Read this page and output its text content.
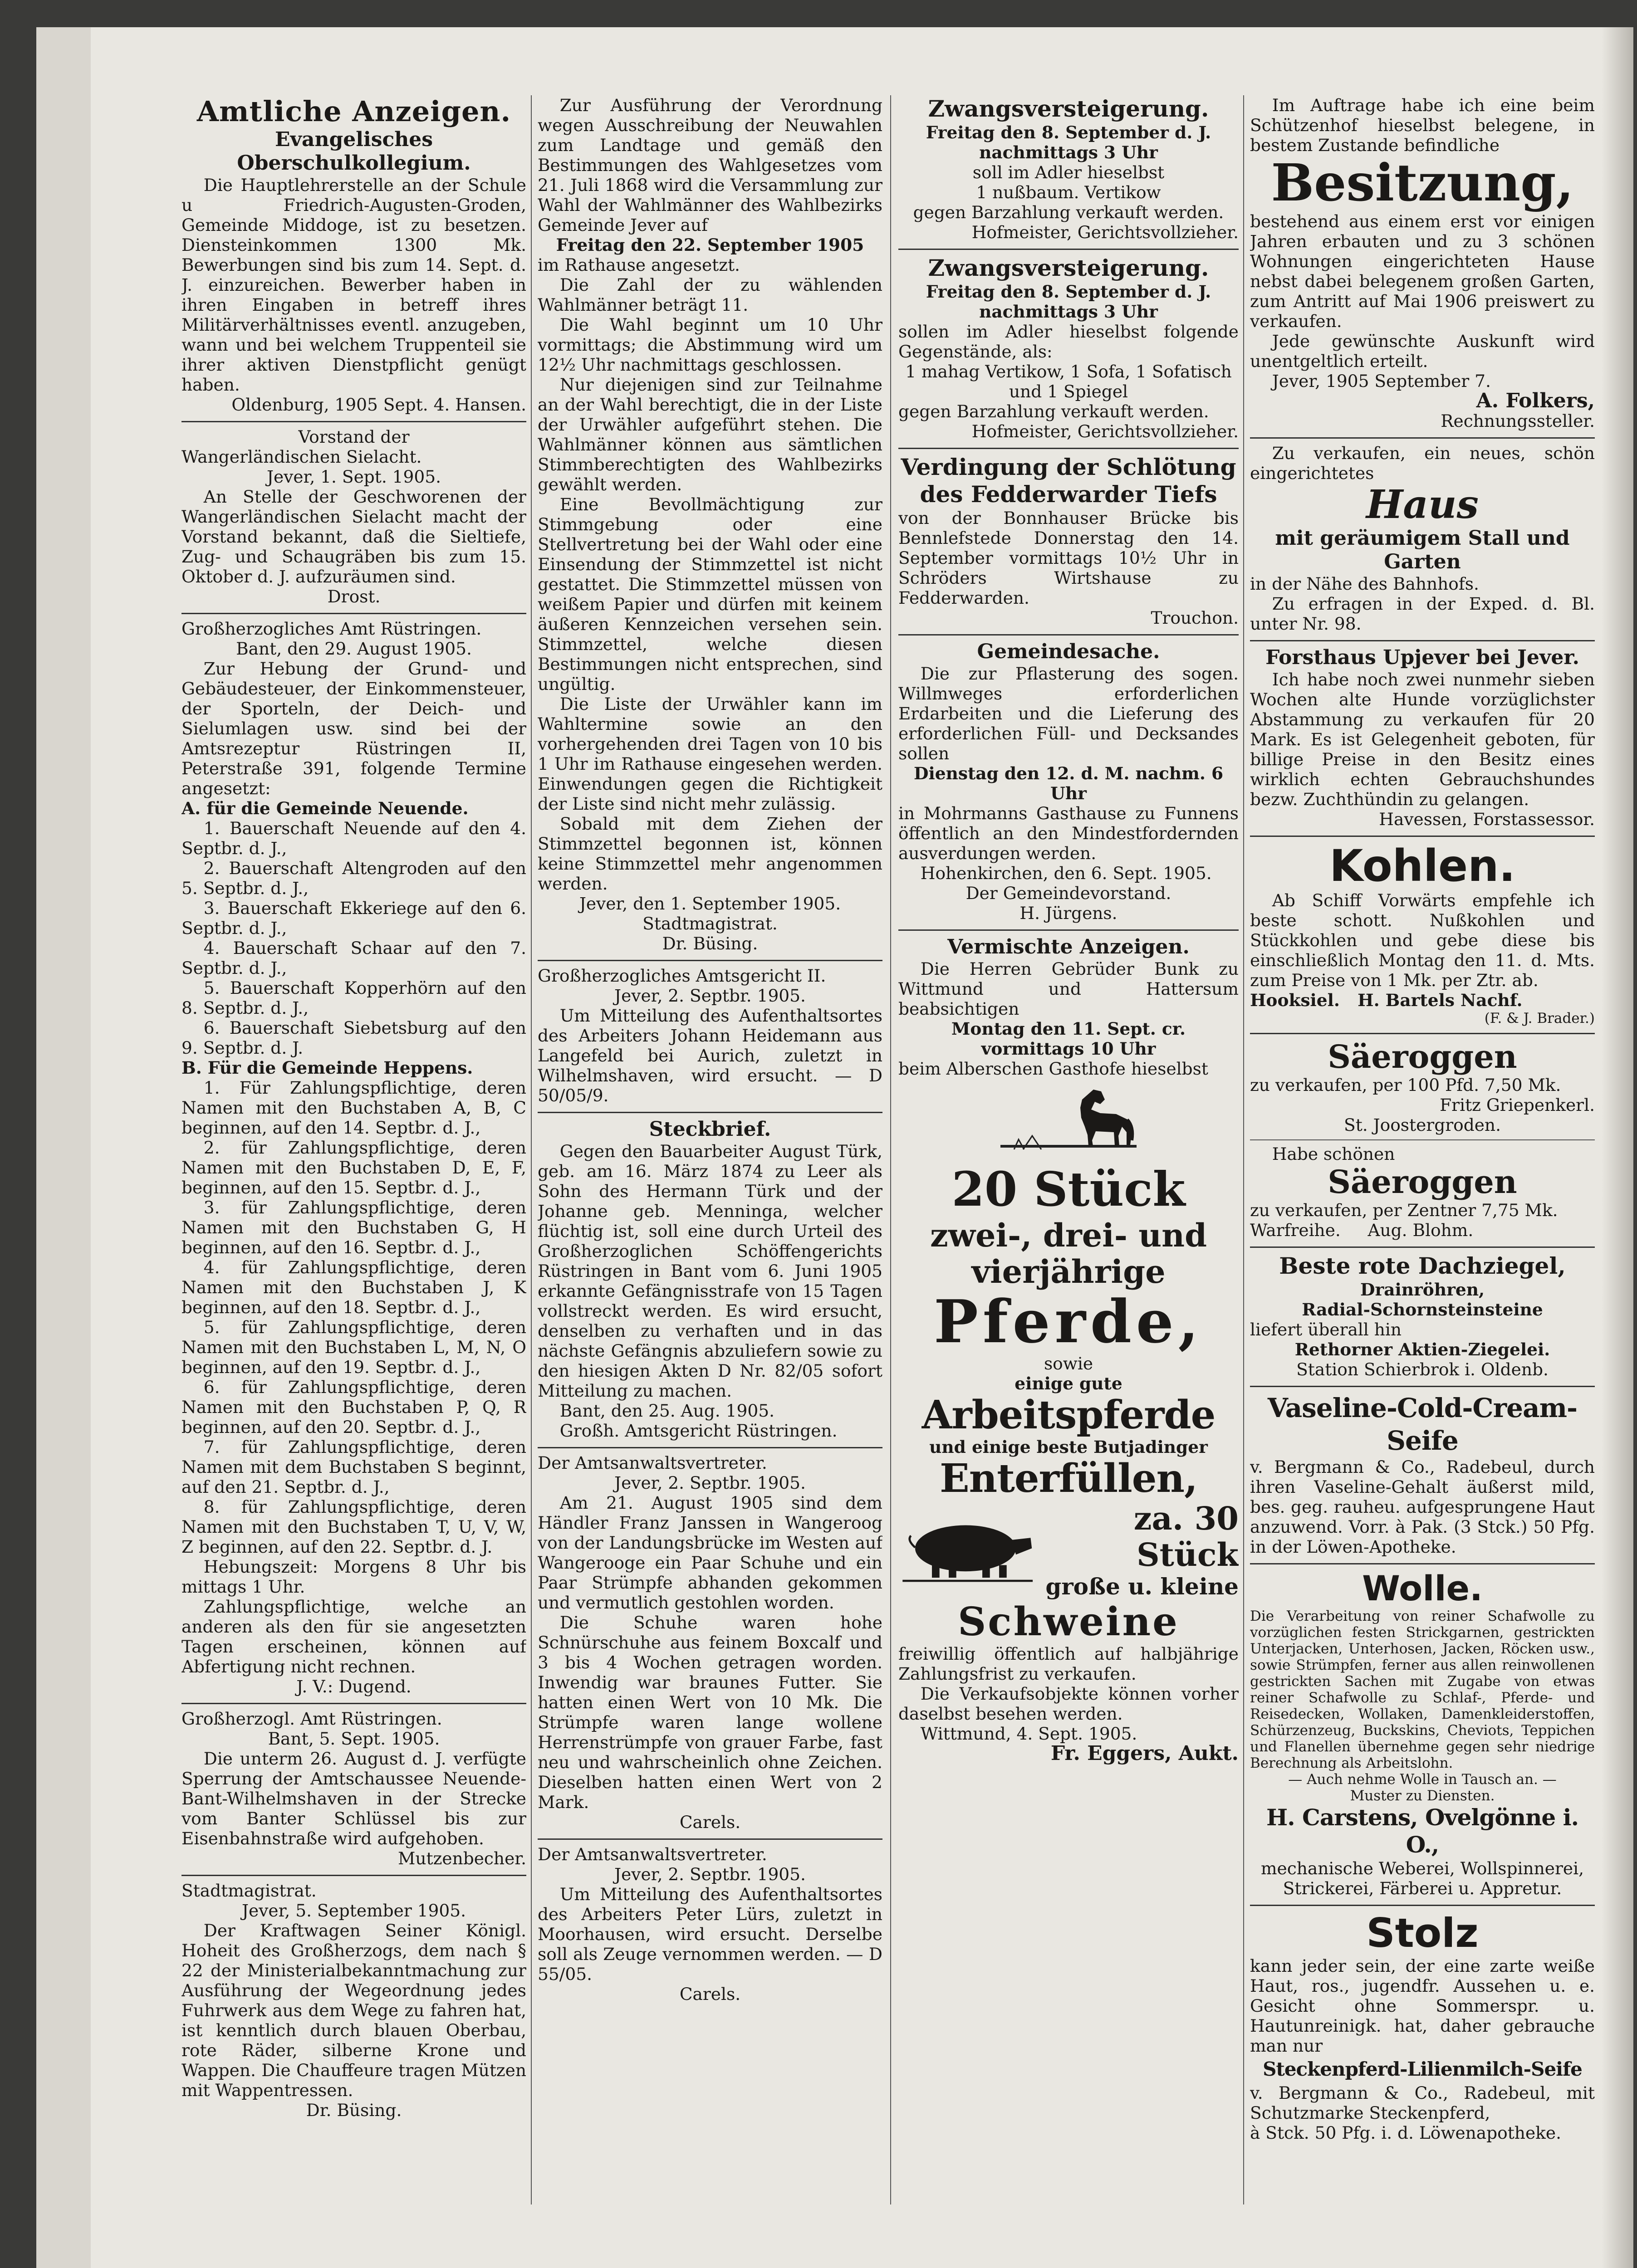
Amtliche Anzeigen.
Evangelisches Oberschulkollegium.

Die Hauptlehrerstelle an der Schule u Friedrich-Augusten-Groden, Gemeinde Middoge, ist zu besetzen. Diensteinkommen 1300 Mk. Bewerbungen sind bis zum 14. Sept. d. J. einzureichen. Bewerber haben in ihren Eingaben in betreff ihres Militärverhältnisses eventl. anzugeben, wann und bei welchem Truppenteil sie ihrer aktiven Dienstpflicht genügt haben.

Oldenburg, 1905 Sept. 4. Hansen.

Vorstand der

Wangerländischen Sielacht.

Jever, 1. Sept. 1905.

An Stelle der Geschworenen der Wangerländischen Sielacht macht der Vorstand bekannt, daß die Sieltiefe, Zug- und Schaugräben bis zum 15. Oktober d. J. aufzuräumen sind.

Drost.

Großherzogliches Amt Rüstringen.

Bant, den 29. August 1905.

Zur Hebung der Grund- und Gebäudesteuer, der Einkommensteuer, der Sporteln, der Deich- und Sielumlagen usw. sind bei der Amtsrezeptur Rüstringen II, Peterstraße 391, folgende Termine angesetzt:

A. für die Gemeinde Neuende.

1. Bauerschaft Neuende auf den 4. Septbr. d. J.,

2. Bauerschaft Altengroden auf den 5. Septbr. d. J.,

3. Bauerschaft Ekkeriege auf den 6. Septbr. d. J.,

4. Bauerschaft Schaar auf den 7. Septbr. d. J.,

5. Bauerschaft Kopperhörn auf den 8. Septbr. d. J.,

6. Bauerschaft Siebetsburg auf den 9. Septbr. d. J.

B. Für die Gemeinde Heppens.

1. Für Zahlungspflichtige, deren Namen mit den Buchstaben A, B, C beginnen, auf den 14. Septbr. d. J.,

2. für Zahlungspflichtige, deren Namen mit den Buchstaben D, E, F, beginnen, auf den 15. Septbr. d. J.,

3. für Zahlungspflichtige, deren Namen mit den Buchstaben G, H beginnen, auf den 16. Septbr. d. J.,

4. für Zahlungspflichtige, deren Namen mit den Buchstaben J, K beginnen, auf den 18. Septbr. d. J.,

5. für Zahlungspflichtige, deren Namen mit den Buchstaben L, M, N, O beginnen, auf den 19. Septbr. d. J.,

6. für Zahlungspflichtige, deren Namen mit den Buchstaben P, Q, R beginnen, auf den 20. Septbr. d. J.,

7. für Zahlungspflichtige, deren Namen mit dem Buchstaben S beginnt, auf den 21. Septbr. d. J.,

8. für Zahlungspflichtige, deren Namen mit den Buchstaben T, U, V, W, Z beginnen, auf den 22. Septbr. d. J.

Hebungszeit: Morgens 8 Uhr bis mittags 1 Uhr.

Zahlungspflichtige, welche an anderen als den für sie angesetzten Tagen erscheinen, können auf Abfertigung nicht rechnen.

J. V.: Dugend.

Großherzogl. Amt Rüstringen.

Bant, 5. Sept. 1905.

Die unterm 26. August d. J. verfügte Sperrung der Amtschaussee Neuende-Bant-Wilhelmshaven in der Strecke vom Banter Schlüssel bis zur Eisenbahnstraße wird aufgehoben.

Mutzenbecher.

Stadtmagistrat.

Jever, 5. September 1905.

Der Kraftwagen Seiner Königl. Hoheit des Großherzogs, dem nach § 22 der Ministerialbekanntmachung zur Ausführung der Wegeordnung jedes Fuhrwerk aus dem Wege zu fahren hat, ist kenntlich durch blauen Oberbau, rote Räder, silberne Krone und Wappen. Die Chauffeure tragen Mützen mit Wappentressen.

Dr. Büsing.

Zur Ausführung der Verordnung wegen Ausschreibung der Neuwahlen zum Landtage und gemäß den Bestimmungen des Wahlgesetzes vom 21. Juli 1868 wird die Versammlung zur Wahl der Wahlmänner des Wahlbezirks Gemeinde Jever auf

Freitag den 22. September 1905

im Rathause angesetzt.

Die Zahl der zu wählenden Wahlmänner beträgt 11.

Die Wahl beginnt um 10 Uhr vormittags; die Abstimmung wird um 12½ Uhr nachmittags geschlossen.

Nur diejenigen sind zur Teilnahme an der Wahl berechtigt, die in der Liste der Urwähler aufgeführt stehen. Die Wahlmänner können aus sämtlichen Stimmberechtigten des Wahlbezirks gewählt werden.

Eine Bevollmächtigung zur Stimmgebung oder eine Stellvertretung bei der Wahl oder eine Einsendung der Stimmzettel ist nicht gestattet. Die Stimmzettel müssen von weißem Papier und dürfen mit keinem äußeren Kennzeichen versehen sein. Stimmzettel, welche diesen Bestimmungen nicht entsprechen, sind ungültig.

Die Liste der Urwähler kann im Wahltermine sowie an den vorhergehenden drei Tagen von 10 bis 1 Uhr im Rathause eingesehen werden. Einwendungen gegen die Richtigkeit der Liste sind nicht mehr zulässig.

Sobald mit dem Ziehen der Stimmzettel begonnen ist, können keine Stimmzettel mehr angenommen werden.

Jever, den 1. September 1905.

Stadtmagistrat.

Dr. Büsing.

Großherzogliches Amtsgericht II.

Jever, 2. Septbr. 1905.

Um Mitteilung des Aufenthaltsortes des Arbeiters Johann Heidemann aus Langefeld bei Aurich, zuletzt in Wilhelmshaven, wird ersucht. — D 50/05/9.

Steckbrief.

Gegen den Bauarbeiter August Türk, geb. am 16. März 1874 zu Leer als Sohn des Hermann Türk und der Johanne geb. Menninga, welcher flüchtig ist, soll eine durch Urteil des Großherzoglichen Schöffengerichts Rüstringen in Bant vom 6. Juni 1905 erkannte Gefängnisstrafe von 15 Tagen vollstreckt werden. Es wird ersucht, denselben zu verhaften und in das nächste Gefängnis abzuliefern sowie zu den hiesigen Akten D Nr. 82/05 sofort Mitteilung zu machen.

Bant, den 25. Aug. 1905.

Großh. Amtsgericht Rüstringen.

Der Amtsanwaltsvertreter.

Jever, 2. Septbr. 1905.

Am 21. August 1905 sind dem Händler Franz Janssen in Wangeroog von der Landungsbrücke im Westen auf Wangerooge ein Paar Schuhe und ein Paar Strümpfe abhanden gekommen und vermutlich gestohlen worden.

Die Schuhe waren hohe Schnürschuhe aus feinem Boxcalf und 3 bis 4 Wochen getragen worden. Inwendig war braunes Futter. Sie hatten einen Wert von 10 Mk. Die Strümpfe waren lange wollene Herrenstrümpfe von grauer Farbe, fast neu und wahrscheinlich ohne Zeichen. Dieselben hatten einen Wert von 2 Mark.

Carels.

Der Amtsanwaltsvertreter.

Jever, 2. Septbr. 1905.

Um Mitteilung des Aufenthaltsortes des Arbeiters Peter Lürs, zuletzt in Moorhausen, wird ersucht. Derselbe soll als Zeuge vernommen werden. — D 55/05.

Carels.

Zwangsversteigerung.

Freitag den 8. September d. J. nachmittags 3 Uhr

soll im Adler hieselbst
1 nußbaum. Vertikow
gegen Barzahlung verkauft werden.

Hofmeister, Gerichtsvollzieher.

Zwangsversteigerung.

Freitag den 8. September d. J. nachmittags 3 Uhr

sollen im Adler hieselbst folgende Gegenstände, als:

1 mahag Vertikow, 1 Sofa, 1 Sofatisch und 1 Spiegel

gegen Barzahlung verkauft werden.

Hofmeister, Gerichtsvollzieher.

Verdingung der Schlötung des Fedderwarder Tiefs

von der Bonnhauser Brücke bis Bennlefstede Donnerstag den 14. September vormittags 10½ Uhr in Schröders Wirtshause zu Fedderwarden.

Trouchon.

Gemeindesache.

Die zur Pflasterung des sogen. Willmweges erforderlichen Erdarbeiten und die Lieferung des erforderlichen Füll- und Decksandes sollen

Dienstag den 12. d. M. nachm. 6 Uhr

in Mohrmanns Gasthause zu Funnens öffentlich an den Mindestfordernden ausverdungen werden.

Hohenkirchen, den 6. Sept. 1905.

Der Gemeindevorstand.

H. Jürgens.

Vermischte Anzeigen.

Die Herren Gebrüder Bunk zu Wittmund und Hattersum beabsichtigen

Montag den 11. Sept. cr. vormittags 10 Uhr

beim Alberschen Gasthofe hieselbst

20 Stück
zwei-, drei- und vierjährige
Pferde,

sowie

einige gute

Arbeitspferde

und einige beste Butjadinger

Enterfüllen,
za. 30 Stück
große u. kleine
Schweine

freiwillig öffentlich auf halbjährige Zahlungsfrist zu verkaufen.

Die Verkaufsobjekte können vorher daselbst besehen werden.

Wittmund, 4. Sept. 1905.

Fr. Eggers, Aukt.

Im Auftrage habe ich eine beim Schützenhof hieselbst belegene, in bestem Zustande befindliche

Besitzung,

bestehend aus einem erst vor einigen Jahren erbauten und zu 3 schönen Wohnungen eingerichteten Hause nebst dabei belegenem großen Garten, zum Antritt auf Mai 1906 preiswert zu verkaufen.

Jede gewünschte Auskunft wird unentgeltlich erteilt.

Jever, 1905 September 7.

A. Folkers,

Rechnungssteller.

Zu verkaufen, ein neues, schön eingerichtetes

Haus
mit geräumigem Stall und Garten

in der Nähe des Bahnhofs.

Zu erfragen in der Exped. d. Bl. unter Nr. 98.

Forsthaus Upjever bei Jever.

Ich habe noch zwei nunmehr sieben Wochen alte Hunde vorzüglichster Abstammung zu verkaufen für 20 Mark. Es ist Gelegenheit geboten, für billige Preise in den Besitz eines wirklich echten Gebrauchshundes bezw. Zuchthündin zu gelangen.

Havessen, Forstassessor.

Kohlen.

Ab Schiff Vorwärts empfehle ich beste schott. Nußkohlen und Stückkohlen und gebe diese bis einschließlich Montag den 11. d. Mts. zum Preise von 1 Mk. per Ztr. ab.

Hooksiel. H. Bartels Nachf.

(F. & J. Brader.)

Säeroggen

zu verkaufen, per 100 Pfd. 7,50 Mk.

Fritz Griepenkerl.

St. Joostergroden.

Habe schönen

Säeroggen

zu verkaufen, per Zentner 7,75 Mk.

Warfreihe. Aug. Blohm.

Beste rote Dachziegel,

Drainröhren,

Radial-Schornsteinsteine

liefert überall hin

Rethorner Aktien-Ziegelei.

Station Schierbrok i. Oldenb.

Vaseline-Cold-Cream-Seife

v. Bergmann & Co., Radebeul, durch ihren Vaseline-Gehalt äußerst mild, bes. geg. rauheu. aufgesprungene Haut anzuwend. Vorr. à Pak. (3 Stck.) 50 Pfg. in der Löwen-Apotheke.

Wolle.

Die Verarbeitung von reiner Schafwolle zu vorzüglichen festen Strickgarnen, gestrickten Unterjacken, Unterhosen, Jacken, Röcken usw., sowie Strümpfen, ferner aus allen reinwollenen gestrickten Sachen mit Zugabe von etwas reiner Schafwolle zu Schlaf-, Pferde- und Reisedecken, Wollaken, Damenkleiderstoffen, Schürzenzeug, Buckskins, Cheviots, Teppichen und Flanellen übernehme gegen sehr niedrige Berechnung als Arbeitslohn.

— Auch nehme Wolle in Tausch an. —

Muster zu Diensten.

H. Carstens, Ovelgönne i. O.,

mechanische Weberei, Wollspinnerei, Strickerei, Färberei u. Appretur.

Stolz

kann jeder sein, der eine zarte weiße Haut, ros., jugendfr. Aussehen u. e. Gesicht ohne Sommerspr. u. Hautunreinigk. hat, daher gebrauche man nur

Steckenpferd-Lilienmilch-Seife

v. Bergmann & Co., Radebeul, mit Schutzmarke Steckenpferd,

à Stck. 50 Pfg. i. d. Löwenapotheke.
